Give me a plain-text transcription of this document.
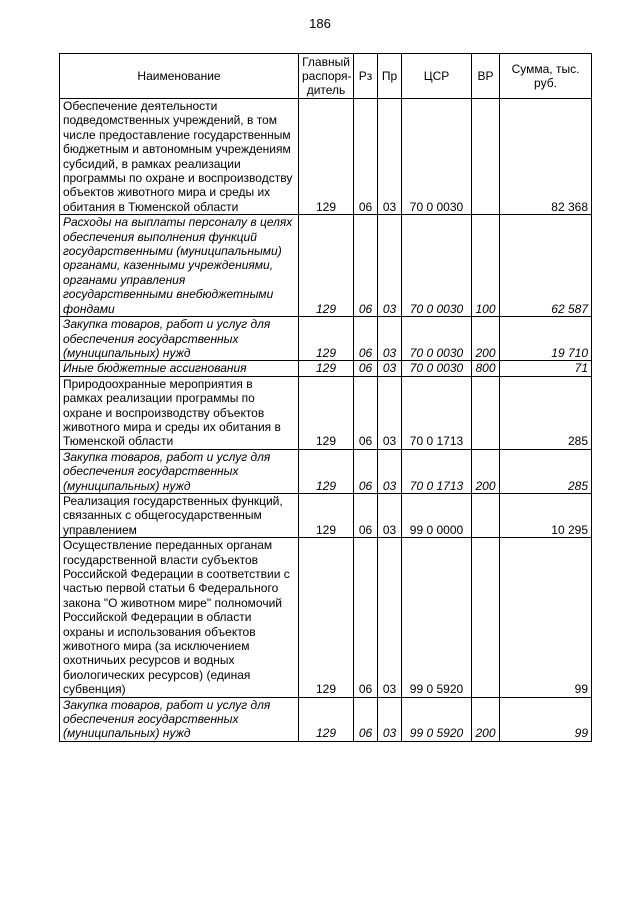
186
Наименование	Главный распоря-дитель	Рз	Пр	ЦСР	ВР	Сумма, тыс. руб.
Обеспечение деятельности подведомственных учреждений, в том числе предоставление государственным бюджетным и автономным учреждениям субсидий, в рамках реализации программы по охране и воспроизводству объектов животного мира и среды их обитания в Тюменской области	129	06	03	70 0 0030		82 368
Расходы на выплаты персоналу в целях обеспечения выполнения функций государственными (муниципальными) органами, казенными учреждениями, органами управления государственными внебюджетными фондами	129	06	03	70 0 0030	100	62 587
Закупка товаров, работ и услуг для обеспечения государственных (муниципальных) нужд	129	06	03	70 0 0030	200	19 710
Иные бюджетные ассигнования	129	06	03	70 0 0030	800	71
Природоохранные мероприятия в рамках реализации программы по охране и воспроизводству объектов животного мира и среды их обитания в Тюменской области	129	06	03	70 0 1713		285
Закупка товаров, работ и услуг для обеспечения государственных (муниципальных) нужд	129	06	03	70 0 1713	200	285
Реализация государственных функций, связанных с общегосударственным управлением	129	06	03	99 0 0000		10 295
Осуществление переданных органам государственной власти субъектов Российской Федерации в соответствии с частью первой статьи 6 Федерального закона "О животном мире" полномочий Российской Федерации в области охраны и использования объектов животного мира (за исключением охотничьих ресурсов и водных биологических ресурсов) (единая субвенция)	129	06	03	99 0 5920		99
Закупка товаров, работ и услуг для обеспечения государственных (муниципальных) нужд	129	06	03	99 0 5920	200	99
